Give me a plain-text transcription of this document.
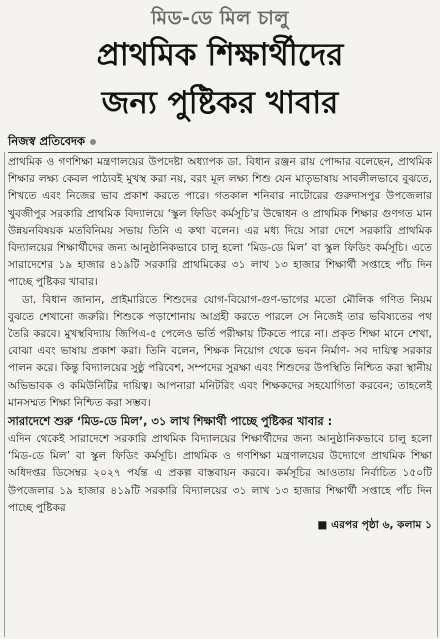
মিড-ডে মিল চালু
প্রাথমিক শিক্ষার্থীদের
জন্য পুষ্টিকর খাবার
নিজস্ব প্রতিবেদক

প্রাথমিক ও গণশিক্ষা মন্ত্রণালয়ের উপদেষ্টা অধ্যাপক ডা. বিধান রঞ্জন রায় পোদ্দার বলেছেন, প্রাথমিক শিক্ষার লক্ষ্য কেবল পাঠ্যবই মুখস্থ করা নয়, বরং মূল লক্ষ্য শিশু যেন মাতৃভাষায় সাবলীলভাবে বুঝতে, শিখতে এবং নিজের ভাব প্রকাশ করতে পারে। গতকাল শনিবার নাটোরের গুরুদাসপুর উপজেলার খুবজীপুর সরকারি প্রাথমিক বিদ্যালয়ে ‘স্কুল ফিডিং কর্মসূচি’র উদ্বোধন ও প্রাথমিক শিক্ষার গুণগত মান উন্নয়নবিষয়ক মতবিনিময় সভায় তিনি এ কথা বলেন। এর মধ্য দিয়ে সারা দেশে সরকারি প্রাথমিক বিদ্যালয়ের শিক্ষার্থীদের জন্য আনুষ্ঠানিকভাবে চালু হলো ‘মিড-ডে মিল’ বা স্কুল ফিডিং কর্মসূচি। এতে সারাদেশের ১৯ হাজার ৪১৯টি সরকারি প্রাথমিকের ৩১ লাখ ১৩ হাজার শিক্ষার্থী সপ্তাহে পাঁচ দিন পাচ্ছে পুষ্টিকর খাবার।

ডা. বিধান জানান, প্রাইমারিতে শিশুদের যোগ-বিয়োগ-গুণ-ভাগের মতো মৌলিক গণিত নিয়ম বুঝতে শেখানো জরুরি। শিশুকে পড়াশোনায় আগ্রহী করতে পারলে সে নিজেই তার ভবিষ্যতের পথ তৈরি করবে। মুখস্থবিদ্যায় জিপিএ-৫ পেলেও ভর্তি পরীক্ষায় টিকতে পারে না। প্রকৃত শিক্ষা মানে শেখা, বোঝা এবং ভাষায় প্রকাশ করা। তিনি বলেন, শিক্ষক নিয়োগ থেকে ভবন নির্মাণ- সব দায়িত্ব সরকার পালন করে। কিন্তু বিদ্যালয়ের সুষ্ঠু পরিবেশ, সম্পদের সুরক্ষা এবং শিশুদের উপস্থিতি নিশ্চিত করা স্থানীয় অভিভাবক ও কমিউনিটির দায়িত্ব। আপনারা মনিটরিং এবং শিক্ষকদের সহযোগিতা করবেন; তাহলেই মানসম্মত শিক্ষা নিশ্চিত করা সম্ভব।

সারাদেশে শুরু ‘মিড-ডে মিল’, ৩১ লাখ শিক্ষার্থী পাচ্ছে পুষ্টিকর খাবার :
এদিন থেকেই সারাদেশে সরকারি প্রাথমিক বিদ্যালয়ের শিক্ষার্থীদের জন্য আনুষ্ঠানিকভাবে চালু হলো ‘মিড-ডে মিল’ বা স্কুল ফিডিং কর্মসূচি। প্রাথমিক ও গণশিক্ষা মন্ত্রণালয়ের উদ্যোগে প্রাথমিক শিক্ষা অধিদপ্তর ডিসেম্বর ২০২৭ পর্যন্ত এ প্রকল্প বাস্তবায়ন করবে। কর্মসূচির আওতায় নির্বাচিত ১৫০টি উপজেলার ১৯ হাজার ৪১৯টি সরকারি বিদ্যালয়ের ৩১ লাখ ১৩ হাজার শিক্ষার্থী সপ্তাহে পাঁচ দিন পাচ্ছে পুষ্টিকর
■ এরপর পৃষ্ঠা ৬, কলাম ১
